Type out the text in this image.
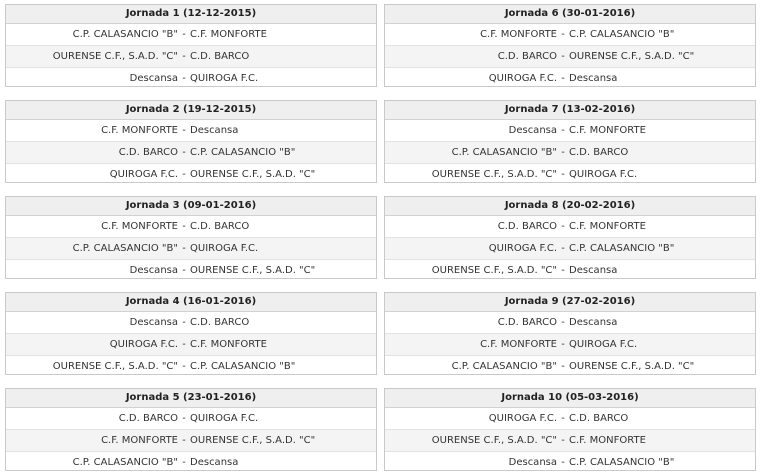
Jornada 1 (12-12-2015)
C.P. CALASANCIO "B" - C.F. MONFORTE
OURENSE C.F., S.A.D. "C" - C.D. BARCO
Descansa - QUIROGA F.C.
Jornada 6 (30-01-2016)
C.F. MONFORTE - C.P. CALASANCIO "B"
C.D. BARCO - OURENSE C.F., S.A.D. "C"
QUIROGA F.C. - Descansa
Jornada 2 (19-12-2015)
C.F. MONFORTE - Descansa
C.D. BARCO - C.P. CALASANCIO "B"
QUIROGA F.C. - OURENSE C.F., S.A.D. "C"
Jornada 7 (13-02-2016)
Descansa - C.F. MONFORTE
C.P. CALASANCIO "B" - C.D. BARCO
OURENSE C.F., S.A.D. "C" - QUIROGA F.C.
Jornada 3 (09-01-2016)
C.F. MONFORTE - C.D. BARCO
C.P. CALASANCIO "B" - QUIROGA F.C.
Descansa - OURENSE C.F., S.A.D. "C"
Jornada 8 (20-02-2016)
C.D. BARCO - C.F. MONFORTE
QUIROGA F.C. - C.P. CALASANCIO "B"
OURENSE C.F., S.A.D. "C" - Descansa
Jornada 4 (16-01-2016)
Descansa - C.D. BARCO
QUIROGA F.C. - C.F. MONFORTE
OURENSE C.F., S.A.D. "C" - C.P. CALASANCIO "B"
Jornada 9 (27-02-2016)
C.D. BARCO - Descansa
C.F. MONFORTE - QUIROGA F.C.
C.P. CALASANCIO "B" - OURENSE C.F., S.A.D. "C"
Jornada 5 (23-01-2016)
C.D. BARCO - QUIROGA F.C.
C.F. MONFORTE - OURENSE C.F., S.A.D. "C"
C.P. CALASANCIO "B" - Descansa
Jornada 10 (05-03-2016)
QUIROGA F.C. - C.D. BARCO
OURENSE C.F., S.A.D. "C" - C.F. MONFORTE
Descansa - C.P. CALASANCIO "B"
